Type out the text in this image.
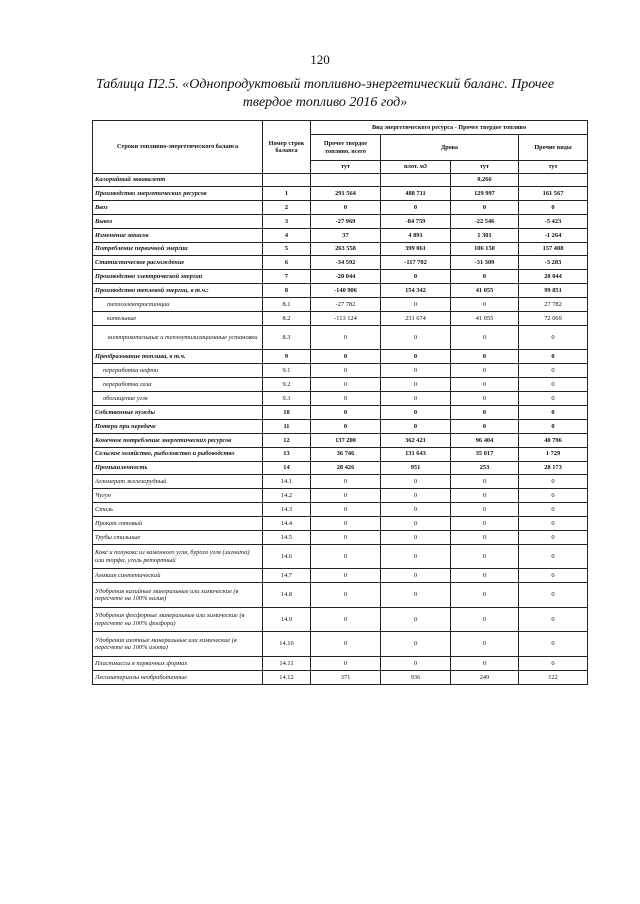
120
Таблица П2.5. «Однопродуктовый топливно-энергетический баланс. Прочее
твердое топливо 2016 год»
Строки топливно-энергетического баланса	Номер строк баланса	Вид энергетического ресурса - Прочее твердое топливо			
		Прочее твердое топливо, всего	Дрова		Прочие виды
		тут	плот. м3	тут	тут
Калорийный эквивалент				0,266	
Производство энергетических ресурсов	1	291 564	488 711	129 997	161 567
Ввоз	2	0	0	0	0
Вывоз	3	-27 969	-84 759	-22 546	-5 423
Изменение запасов	4	37	4 891	1 301	-1 264
Потребление первичной энергии	5	263 558	399 061	106 150	157 408
Статистическое расхождение	6	-34 592	-117 702	-31 309	-3 283
Производство электрической энергии	7	-20 044	0	0	20 044
Производство тепловой энергии, в т.ч.:	8	-140 906	154 342	41 055	99 851
теплоэлектростанции	8.1	-27 782	0	0	27 782
котельные	8.2	-113 124	231 674	41 055	72 069
электрокотельные и теплоутилизационные установки	8.3	0	0	0	0
Преобразование топлива, в т.ч.	9	0	0	0	0
переработка нефти	9.1	0	0	0	0
переработка газа	9.2	0	0	0	0
обогащение угля	9.3	0	0	0	0
Собственные нужды	10	0	0	0	0
Потери при передаче	11	0	0	0	0
Конечное потребление энергетических ресурсов	12	137 200	362 421	96 404	40 796
Сельское хозяйство, рыболовство и рыбоводство	13	36 746	131 643	35 017	1 729
Промышленность	14	28 426	951	253	28 173
Агломерат железорудный	14.1	0	0	0	0
Чугун	14.2	0	0	0	0
Сталь	14.3	0	0	0	0
Прокат готовый	14.4	0	0	0	0
Трубы стальные	14.5	0	0	0	0
Кокс и полукокс из каменного угля, бурого угля (лигнита) или торфа, уголь ретортный	14.6	0	0	0	0
Аммиак синтетический	14.7	0	0	0	0
Удобрения калийные минеральные или химические (в пересчете на 100% калия)	14.8	0	0	0	0
Удобрения фосфорные минеральные или химические (в пересчете на 100% фосфора)	14.9	0	0	0	0
Удобрения азотные минеральные или химические (в пересчете на 100% азота)	14.10	0	0	0	0
Пластмассы в первичных формах	14.11	0	0	0	0
Лесоматериалы необработанные	14.12	371	936	249	122
